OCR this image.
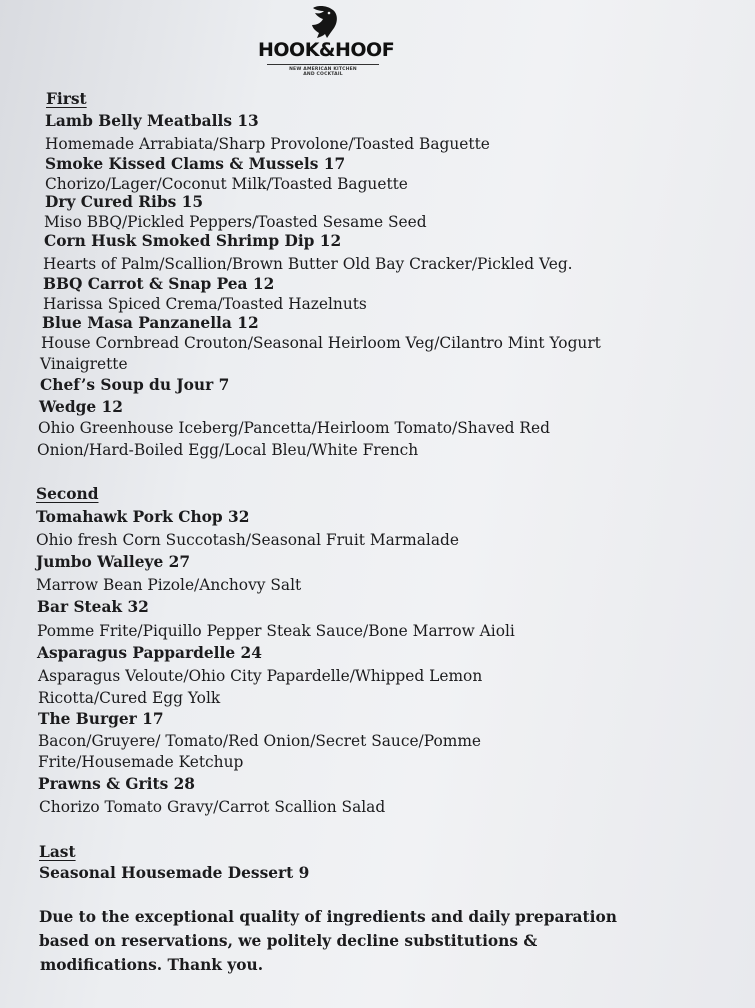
HOOK&HOOF
NEW AMERICAN KITCHEN
AND COCKTAIL
First
Lamb Belly Meatballs 13
Homemade Arrabiata/Sharp Provolone/Toasted Baguette
Smoke Kissed Clams & Mussels 17
Chorizo/Lager/Coconut Milk/Toasted Baguette
Dry Cured Ribs 15
Miso BBQ/Pickled Peppers/Toasted Sesame Seed
Corn Husk Smoked Shrimp Dip 12
Hearts of Palm/Scallion/Brown Butter Old Bay Cracker/Pickled Veg.
BBQ Carrot & Snap Pea 12
Harissa Spiced Crema/Toasted Hazelnuts
Blue Masa Panzanella 12
House Cornbread Crouton/Seasonal Heirloom Veg/Cilantro Mint Yogurt
Vinaigrette
Chef’s Soup du Jour 7
Wedge 12
Ohio Greenhouse Iceberg/Pancetta/Heirloom Tomato/Shaved Red
Onion/Hard-Boiled Egg/Local Bleu/White French
Second
Tomahawk Pork Chop 32
Ohio fresh Corn Succotash/Seasonal Fruit Marmalade
Jumbo Walleye 27
Marrow Bean Pizole/Anchovy Salt
Bar Steak 32
Pomme Frite/Piquillo Pepper Steak Sauce/Bone Marrow Aioli
Asparagus Pappardelle 24
Asparagus Veloute/Ohio City Papardelle/Whipped Lemon
Ricotta/Cured Egg Yolk
The Burger 17
Bacon/Gruyere/ Tomato/Red Onion/Secret Sauce/Pomme
Frite/Housemade Ketchup
Prawns & Grits 28
Chorizo Tomato Gravy/Carrot Scallion Salad
Last
Seasonal Housemade Dessert 9
Due to the exceptional quality of ingredients and daily preparation
based on reservations, we politely decline substitutions &
modifications. Thank you.
